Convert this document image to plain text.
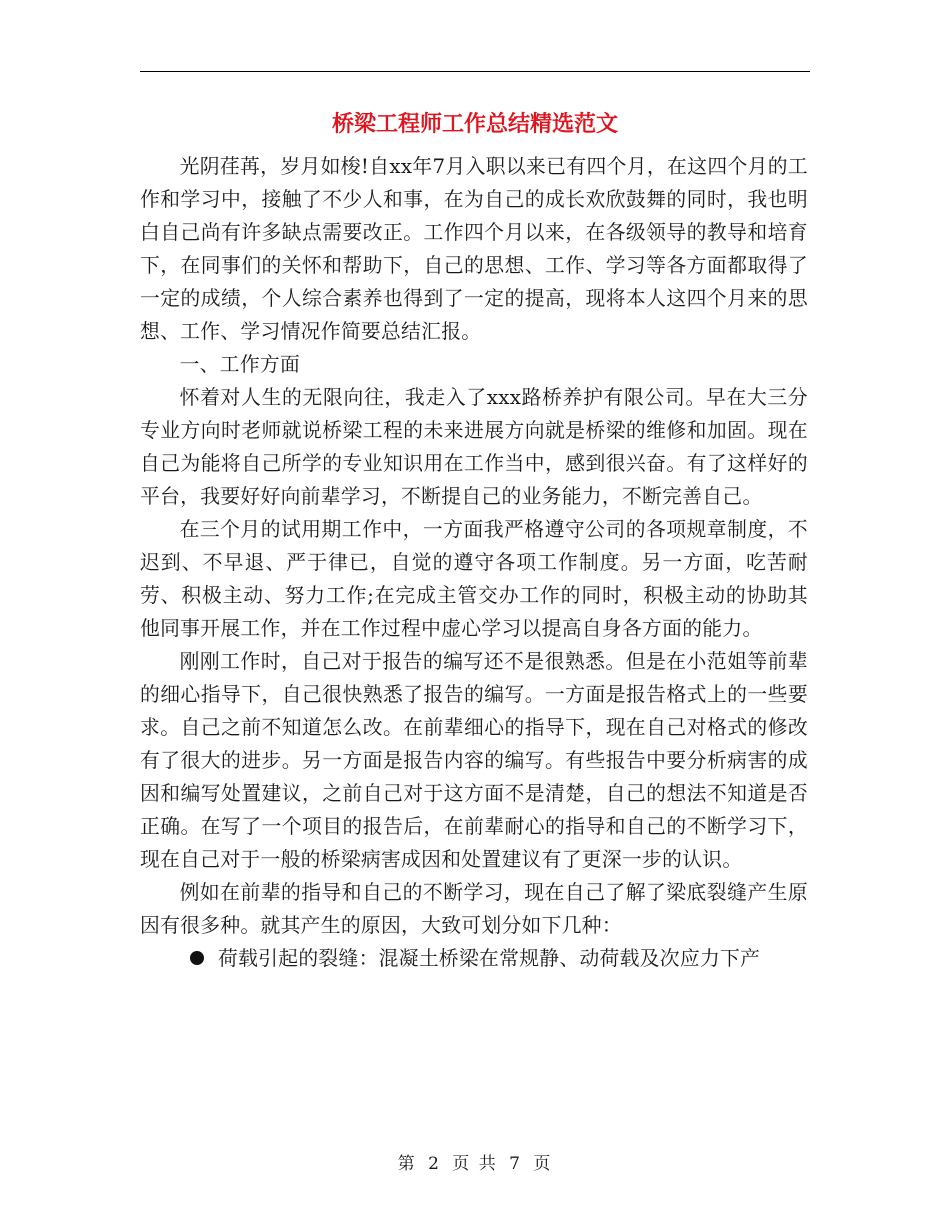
桥梁工程师工作总结精选范文

光阴荏苒，岁月如梭!自xx年7月入职以来已有四个月，在这四个月的工作和学习中，接触了不少人和事，在为自己的成长欢欣鼓舞的同时，我也明白自己尚有许多缺点需要改正。工作四个月以来，在各级领导的教导和培育下，在同事们的关怀和帮助下，自己的思想、工作、学习等各方面都取得了一定的成绩，个人综合素养也得到了一定的提高，现将本人这四个月来的思想、工作、学习情况作简要总结汇报。

一、工作方面

怀着对人生的无限向往，我走入了xxx路桥养护有限公司。早在大三分专业方向时老师就说桥梁工程的未来进展方向就是桥梁的维修和加固。现在自己为能将自己所学的专业知识用在工作当中，感到很兴奋。有了这样好的平台，我要好好向前辈学习，不断提自己的业务能力，不断完善自己。

在三个月的试用期工作中，一方面我严格遵守公司的各项规章制度，不迟到、不早退、严于律已，自觉的遵守各项工作制度。另一方面，吃苦耐劳、积极主动、努力工作;在完成主管交办工作的同时，积极主动的协助其他同事开展工作，并在工作过程中虚心学习以提高自身各方面的能力。

刚刚工作时，自己对于报告的编写还不是很熟悉。但是在小范姐等前辈的细心指导下，自己很快熟悉了报告的编写。一方面是报告格式上的一些要求。自己之前不知道怎么改。在前辈细心的指导下，现在自己对格式的修改有了很大的进步。另一方面是报告内容的编写。有些报告中要分析病害的成因和编写处置建议，之前自己对于这方面不是清楚，自己的想法不知道是否正确。在写了一个项目的报告后，在前辈耐心的指导和自己的不断学习下，现在自己对于一般的桥梁病害成因和处置建议有了更深一步的认识。

例如在前辈的指导和自己的不断学习，现在自己了解了梁底裂缝产生原因有很多种。就其产生的原因，大致可划分如下几种：

荷载引起的裂缝：混凝土桥梁在常规静、动荷载及次应力下产

第 2 页 共 7 页
